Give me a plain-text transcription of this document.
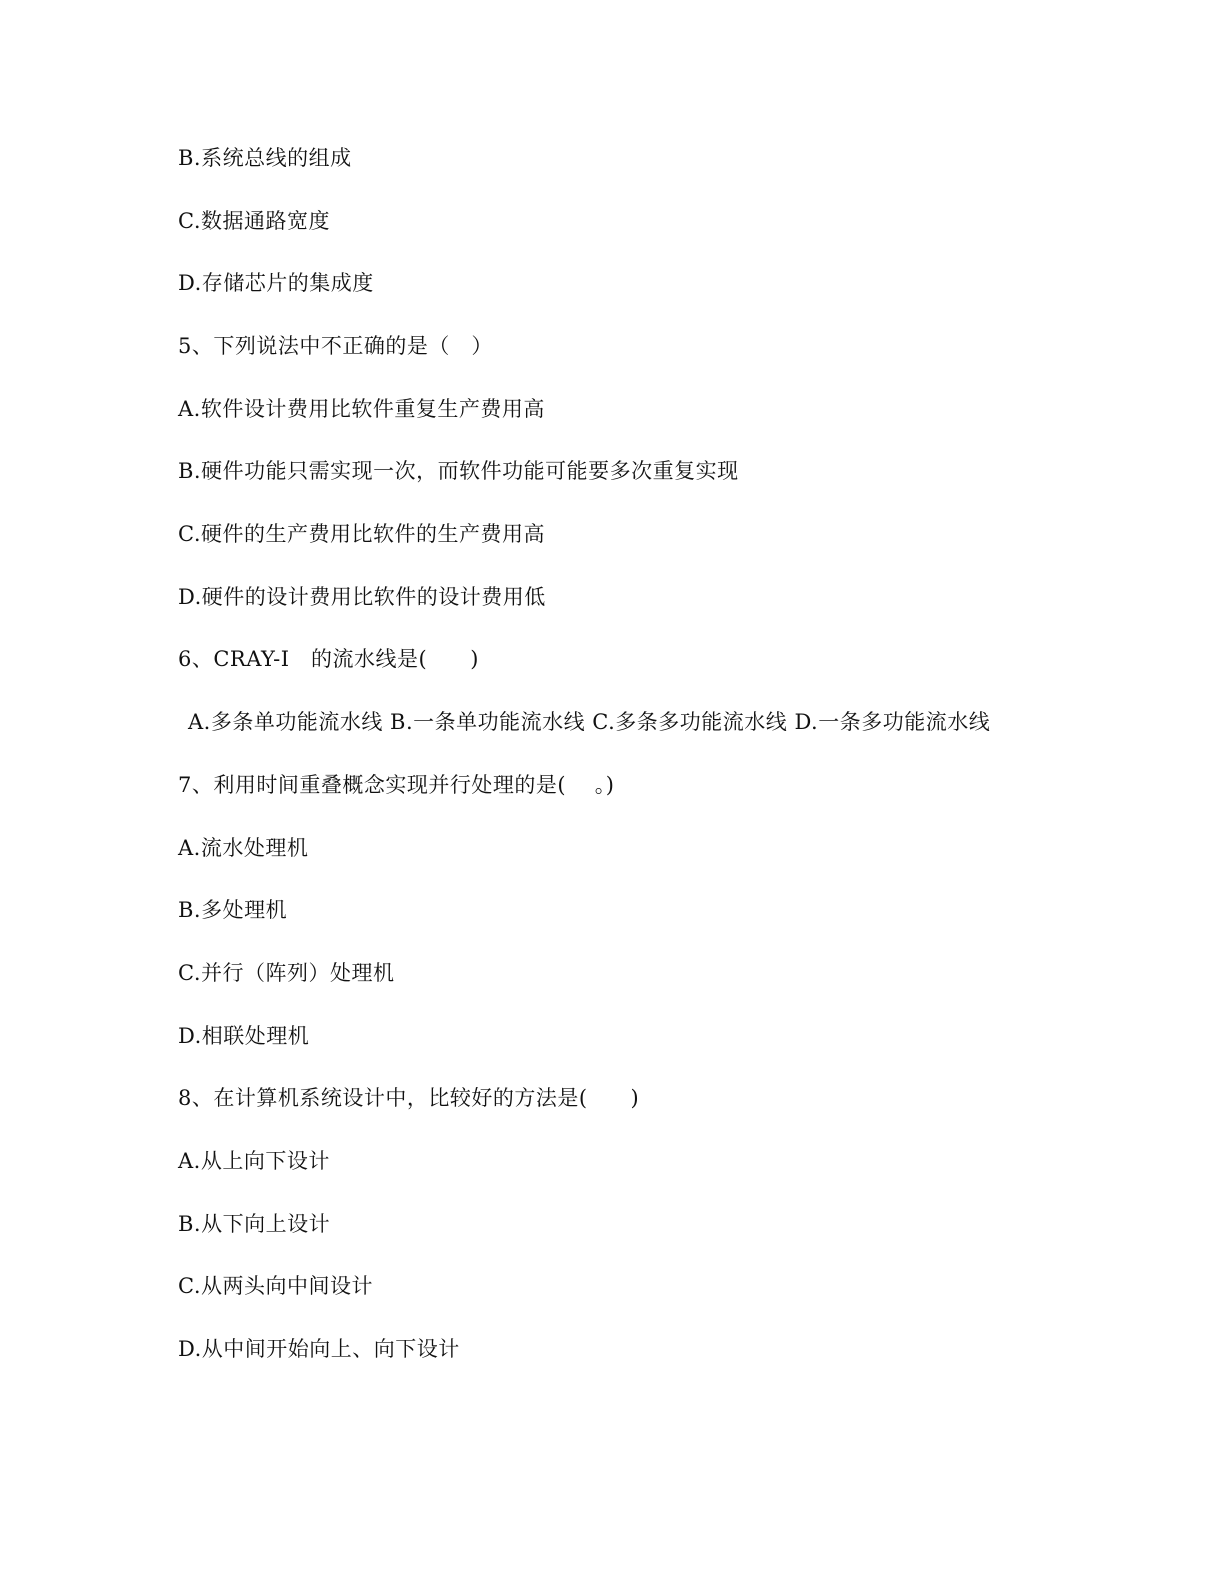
B.系统总线的组成
C.数据通路宽度
D.存储芯片的集成度
5、下列说法中不正确的是（　）
A.软件设计费用比软件重复生产费用高
B.硬件功能只需实现一次，而软件功能可能要多次重复实现
C.硬件的生产费用比软件的生产费用高
D.硬件的设计费用比软件的设计费用低
6、CRAY-I　的流水线是(　　)
A.多条单功能流水线 B.一条单功能流水线 C.多条多功能流水线 D.一条多功能流水线
7、利用时间重叠概念实现并行处理的是(　 。)
A.流水处理机
B.多处理机
C.并行（阵列）处理机
D.相联处理机
8、在计算机系统设计中，比较好的方法是(　　)
A.从上向下设计
B.从下向上设计
C.从两头向中间设计
D.从中间开始向上、向下设计
